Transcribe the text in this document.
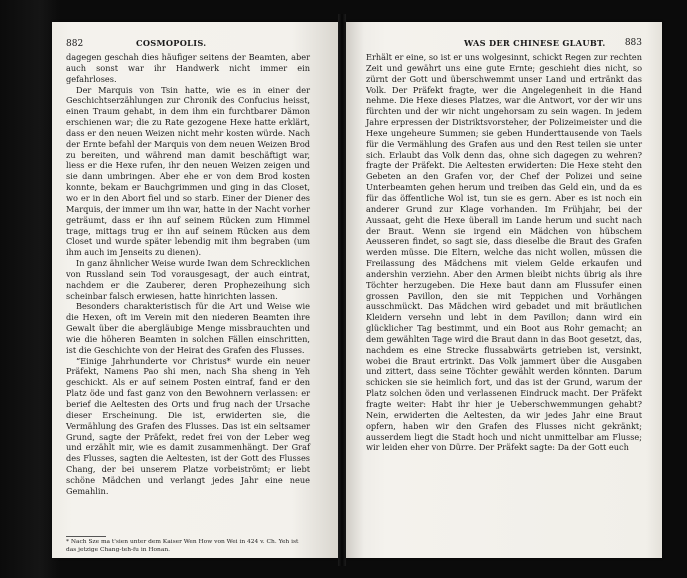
882	COSMOPOLIS.

dagegen geschah dies häufiger seitens der Beamten, aber auch sonst war ihr Handwerk nicht immer ein gefahrloses.

Der Marquis von Tsin hatte, wie es in einer der Geschichtserzählungen zur Chronik des Confucius heisst, einen Traum gehabt, in dem ihm ein furchtbarer Dämon erschienen war; die zu Rate gezogene Hexe hatte erklärt, dass er den neuen Weizen nicht mehr kosten würde. Nach der Ernte befahl der Marquis von dem neuen Weizen Brod zu bereiten, und während man damit beschäftigt war, liess er die Hexe rufen, ihr den neuen Weizen zeigen und sie dann umbringen. Aber ehe er von dem Brod kosten konnte, bekam er Bauchgrimmen und ging in das Closet, wo er in den Abort fiel und so starb. Einer der Diener des Marquis, der immer um ihn war, hatte in der Nacht vorher geträumt, dass er ihn auf seinem Rücken zum Himmel trage, mittags trug er ihn auf seinem Rücken aus dem Closet und wurde später lebendig mit ihm begraben (um ihm auch im Jenseits zu dienen).

In ganz ähnlicher Weise wurde Iwan dem Schrecklichen von Russland sein Tod vorausgesagt, der auch eintrat, nachdem er die Zauberer, deren Prophezeihung sich scheinbar falsch erwiesen, hatte hinrichten lassen.

Besonders charakteristisch für die Art und Weise wie die Hexen, oft im Verein mit den niederen Beamten ihre Gewalt über die abergläubige Menge missbrauchten und wie die höheren Beamten in solchen Fällen einschritten, ist die Geschichte von der Heirat des Grafen des Flusses.

“Einige Jahrhunderte vor Christus* wurde ein neuer Präfekt, Namens Pao shi men, nach Sha sheng in Yeh geschickt. Als er auf seinem Posten eintraf, fand er den Platz öde und fast ganz von den Bewohnern verlassen: er berief die Aeltesten des Orts und frug nach der Ursache dieser Erscheinung. Die ist, erwiderten sie, die Vermählung des Grafen des Flusses. Das ist ein seltsamer Grund, sagte der Präfekt, redet frei von der Leber weg und erzählt mir, wie es damit zusammenhängt. Der Graf des Flusses, sagten die Aeltesten, ist der Gott des Flusses Chang, der bei unserem Platze vorbeiströmt; er liebt schöne Mädchen und verlangt jedes Jahr eine neue Gemahlin.

* Nach Sze ma t'sien unter dem Kaiser Wen How von Wei in 424 v. Ch. Yeh ist das jetzige Chang-teh-fu in Honan.
WAS DER CHINESE GLAUBT. 883

Erhält er eine, so ist er uns wolgesinnt, schickt Regen zur rechten Zeit und gewährt uns eine gute Ernte; geschieht dies nicht, so zürnt der Gott und überschwemmt unser Land und ertränkt das Volk. Der Präfekt fragte, wer die Angelegenheit in die Hand nehme. Die Hexe dieses Platzes, war die Antwort, vor der wir uns fürchten und der wir nicht ungehorsam zu sein wagen. In jedem Jahre erpressen der Distriktsvorsteher, der Polizeimeister und die Hexe ungeheure Summen; sie geben Hunderttausende von Taels für die Vermählung des Grafen aus und den Rest teilen sie unter sich. Erlaubt das Volk denn das, ohne sich dagegen zu wehren? fragte der Präfekt. Die Aeltesten erwiderten: Die Hexe steht den Gebeten an den Grafen vor, der Chef der Polizei und seine Unterbeamten gehen herum und treiben das Geld ein, und da es für das öffentliche Wol ist, tun sie es gern. Aber es ist noch ein anderer Grund zur Klage vorhanden. Im Frühjahr, bei der Aussaat, geht die Hexe überall im Lande herum und sucht nach der Braut. Wenn sie irgend ein Mädchen von hübschem Aeusseren findet, so sagt sie, dass dieselbe die Braut des Grafen werden müsse. Die Eltern, welche das nicht wollen, müssen die Freilassung des Mädchens mit vielem Gelde erkaufen und andershin verziehn. Aber den Armen bleibt nichts übrig als ihre Töchter herzugeben. Die Hexe baut dann am Flussufer einen grossen Pavillon, den sie mit Teppichen und Vorhängen ausschmückt. Das Mädchen wird gebadet und mit bräutlichen Kleidern versehn und lebt in dem Pavillon; dann wird ein glücklicher Tag bestimmt, und ein Boot aus Rohr gemacht; an dem gewählten Tage wird die Braut dann in das Boot gesetzt, das, nachdem es eine Strecke flussabwärts getrieben ist, versinkt, wobei die Braut ertrinkt. Das Volk jammert über die Ausgaben und zittert, dass seine Töchter gewählt werden könnten. Darum schicken sie sie heimlich fort, und das ist der Grund, warum der Platz solchen öden und verlassenen Eindruck macht. Der Präfekt fragte weiter: Habt ihr hier je Ueberschwemmungen gehabt? Nein, erwiderten die Aeltesten, da wir jedes Jahr eine Braut opfern, haben wir den Grafen des Flusses nicht gekränkt; ausserdem liegt die Stadt hoch und nicht unmittelbar am Flusse; wir leiden eher von Dürre. Der Präfekt sagte: Da der Gott euch
